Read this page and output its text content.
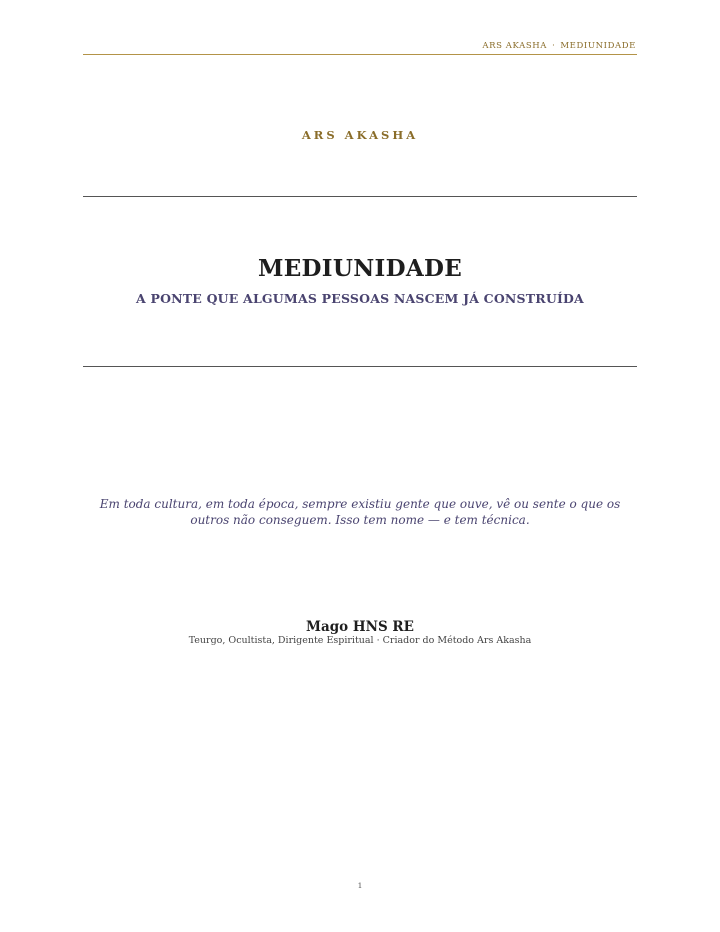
ARS AKASHA · MEDIUNIDADE
ARS AKASHA
MEDIUNIDADE
A PONTE QUE ALGUMAS PESSOAS NASCEM JÁ CONSTRUÍDA
Em toda cultura, em toda época, sempre existiu gente que ouve, vê ou sente o que os outros não conseguem. Isso tem nome — e tem técnica.
Mago HNS RE
Teurgo, Ocultista, Dirigente Espiritual · Criador do Método Ars Akasha
1
